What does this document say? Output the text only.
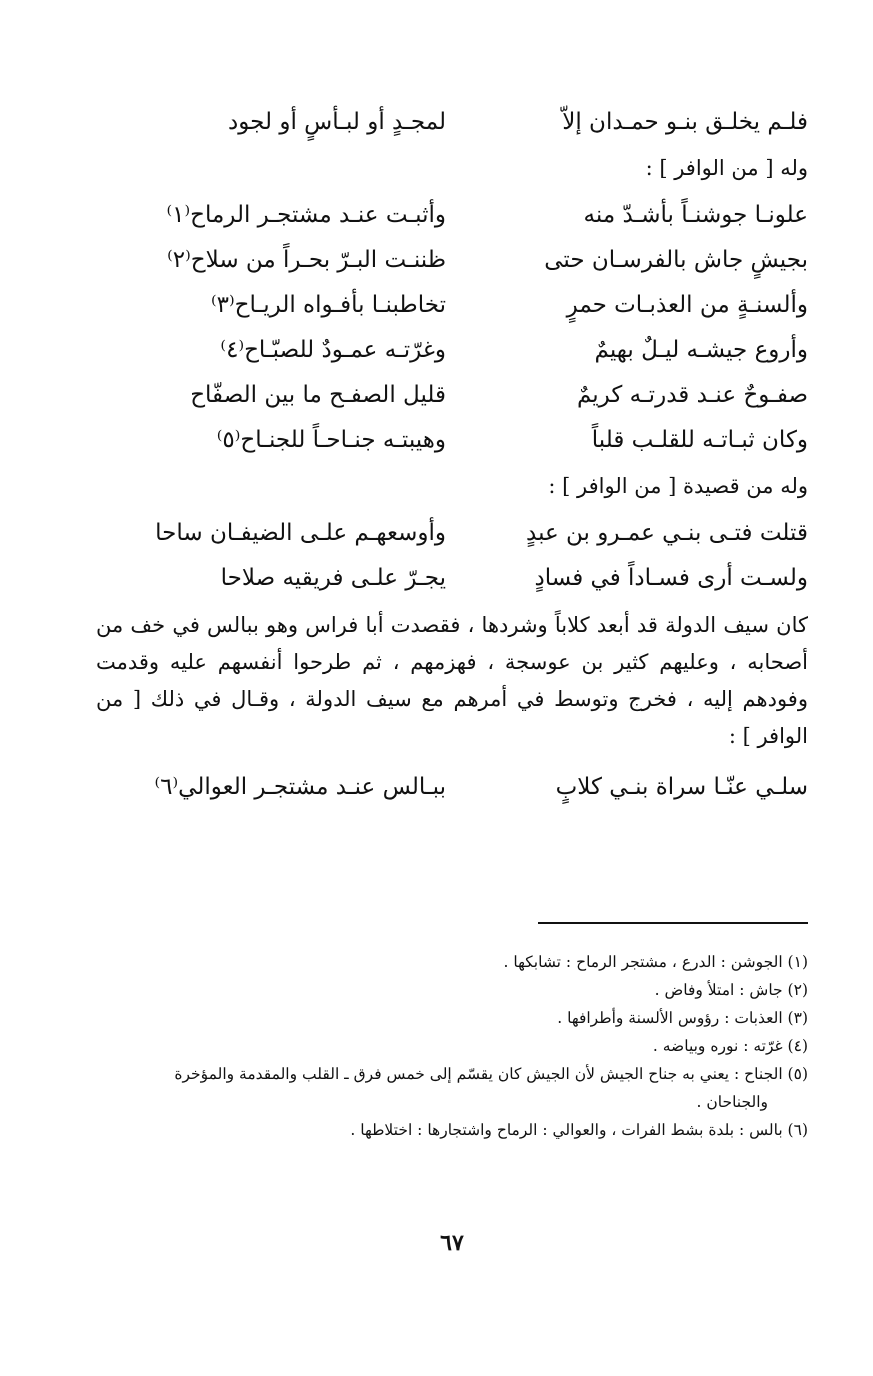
فلـم يخلـق بنـو حمـدان إلاّ
لمجـدٍ أو لبـأسٍ أو لجود
وله [ من الوافر ] :
علونـا جوشنـاً بأشـدّ منه
وأثبـت عنـد مشتجـر الرماح⁽١⁾
بجيشٍ جاش بالفرسـان حتى
ظننـت البـرّ بحـراً من سلاح⁽٢⁾
وألسنـةٍ من العذبـات حمرٍ
تخاطبنـا بأفـواه الريـاح⁽٣⁾
وأروع جيشـه ليـلٌ بهيمٌ
وغرّتـه عمـودٌ للصبّـاح⁽٤⁾
صفـوحٌ عنـد قدرتـه كريمٌ
قليل الصفـح ما بين الصفّاح
وكان ثبـاتـه للقلـب قلباً
وهيبتـه جنـاحـاً للجنـاح⁽٥⁾
وله من قصيدة [ من الوافر ] :
قتلت فتـى بنـي عمـرو بن عبدٍ
وأوسعهـم علـى الضيفـان ساحا
ولسـت أرى فسـاداً في فسادٍ
يجـرّ علـى فريقيه صلاحا
كان سيف الدولة قد أبعد كلاباً وشردها ، فقصدت أبا فراس وهو ببالس في خف من أصحابه ، وعليهم كثير بن عوسجة ، فهزمهم ، ثم طرحوا أنفسهم عليه وقدمت وفودهم إليه ، فخرج وتوسط في أمرهم مع سيف الدولة ، وقـال في ذلك [ من الوافر ] :
سلـي عنّـا سراة بنـي كلابٍ
ببـالس عنـد مشتجـر العوالي⁽٦⁾
(١) الجوشن : الدرع ، مشتجر الرماح : تشابكها .
(٢) جاش : امتلأ وفاض .
(٣) العذبات : رؤوس الألسنة وأطرافها .
(٤) غرّته : نوره وبياضه .
(٥) الجناح : يعني به جناح الجيش لأن الجيش كان يقسّم إلى خمس فرق ـ القلب والمقدمة والمؤخرة
والجناحان .
(٦) بالس : بلدة بشط الفرات ، والعوالي : الرماح واشتجارها : اختلاطها .
٦٧
